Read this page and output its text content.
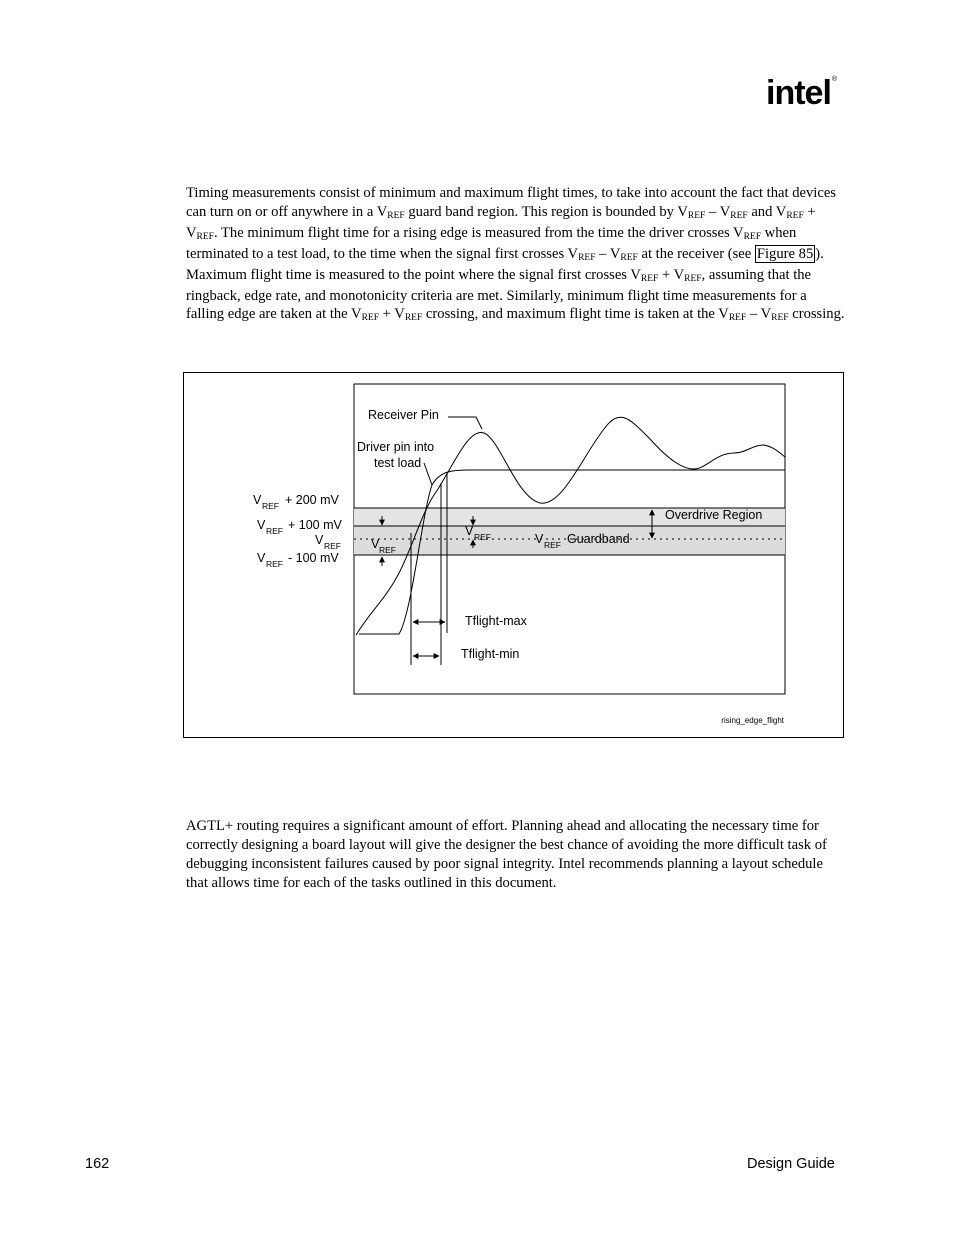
intel®
Timing measurements consist of minimum and maximum flight times, to take into account the fact that devices can turn on or off anywhere in a $V_{REF}$ guard band region. This region is bounded by $V_{REF} - V_{REF}$ and $V_{REF} + V_{REF}$. The minimum flight time for a rising edge is measured from the time the driver crosses $V_{REF}$ when terminated to a test load, to the time when the signal first crosses $V_{REF} - V_{REF}$ at the receiver (see Figure 85 ). Maximum flight time is measured to the point where the signal first crosses $V_{REF} + V_{REF}$, assuming that the ringback, edge rate, and monotonicity criteria are met. Similarly, minimum flight time measurements for a falling edge are taken at the $V_{REF} + V_{REF}$ crossing, and maximum flight time is taken at the $V_{REF} - V_{REF}$ crossing.
Receiver Pin
Driver pin into
test load
V REF + 200 mV
V REF + 100 mV
V REF
V REF - 100 mV
V REF
V REF	V REF Guardband
Overdrive Region
Tflight-max
Tflight-min
rising_edge_flight
AGTL+ routing requires a significant amount of effort. Planning ahead and allocating the necessary time for correctly designing a board layout will give the designer the best chance of avoiding the more difficult task of debugging inconsistent failures caused by poor signal integrity. Intel recommends planning a layout schedule that allows time for each of the tasks outlined in this document.
162	Design Guide
